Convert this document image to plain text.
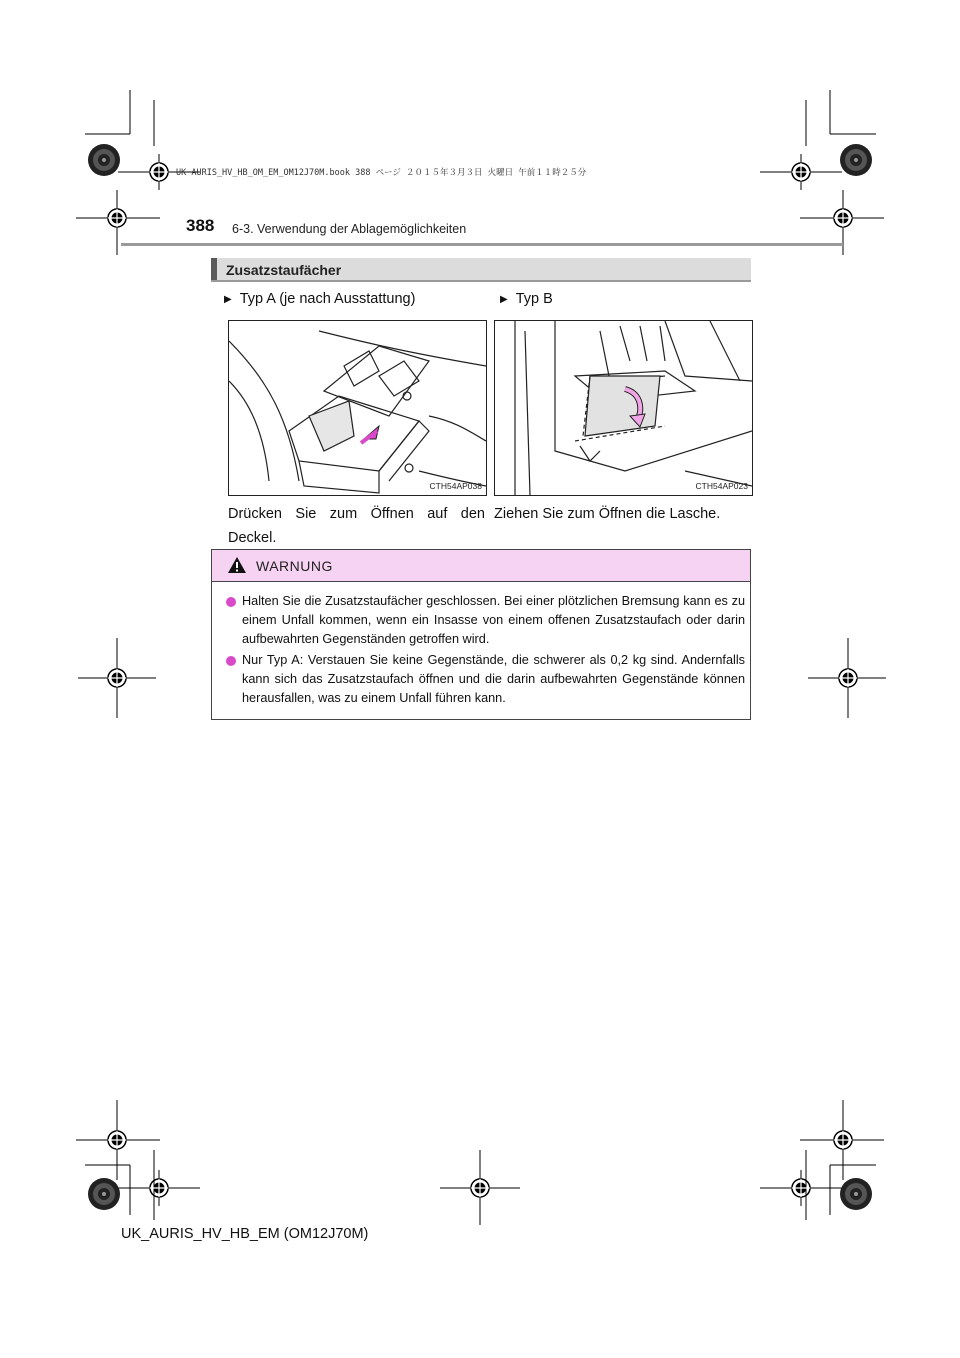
UK AURIS_HV_HB_OM_EM_OM12J70M.book 388 ページ ２０１５年３月３日 火曜日 午前１１時２５分
388 6-3. Verwendung der Ablagemöglichkeiten
Zusatzstaufächer
▶ Typ A (je nach Ausstattung)
CTH54AP038
Drücken Sie zum Öffnen auf den Deckel.
▶ Typ B
CTH54AP023
Ziehen Sie zum Öffnen die Lasche.
WARNUNG
Halten Sie die Zusatzstaufächer geschlossen. Bei einer plötzlichen Bremsung kann es zu einem Unfall kommen, wenn ein Insasse von einem offenen Zusatzstaufach oder darin aufbewahrten Gegenständen getroffen wird.
Nur Typ A: Verstauen Sie keine Gegenstände, die schwerer als 0,2 kg sind. Andernfalls kann sich das Zusatzstaufach öffnen und die darin aufbewahrten Gegenstände können herausfallen, was zu einem Unfall führen kann.
UK_AURIS_HV_HB_EM (OM12J70M)
